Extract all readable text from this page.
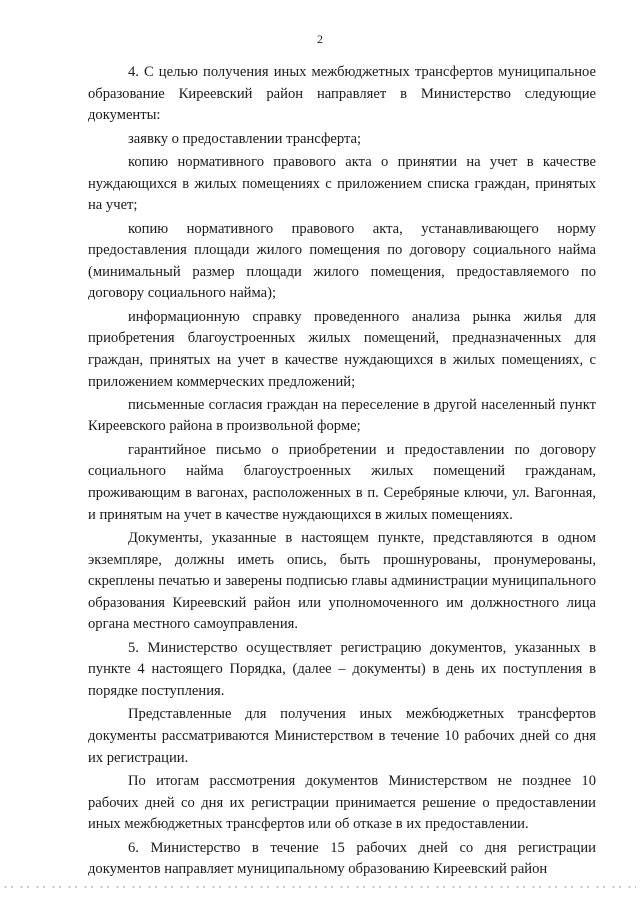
2

4. С целью получения иных межбюджетных трансфертов муниципальное образование Киреевский район направляет в Министерство следующие документы:

заявку о предоставлении трансферта;

копию нормативного правового акта о принятии на учет в качестве нуждающихся в жилых помещениях с приложением списка граждан, принятых на учет;

копию нормативного правового акта, устанавливающего норму предоставления площади жилого помещения по договору социального найма (минимальный размер площади жилого помещения, предоставляемого по договору социального найма);

информационную справку проведенного анализа рынка жилья для приобретения благоустроенных жилых помещений, предназначенных для граждан, принятых на учет в качестве нуждающихся в жилых помещениях, с приложением коммерческих предложений;

письменные согласия граждан на переселение в другой населенный пункт Киреевского района в произвольной форме;

гарантийное письмо о приобретении и предоставлении по договору социального найма благоустроенных жилых помещений гражданам, проживающим в вагонах, расположенных в п. Серебряные ключи, ул. Вагонная, и принятым на учет в качестве нуждающихся в жилых помещениях.

Документы, указанные в настоящем пункте, представляются в одном экземпляре, должны иметь опись, быть прошнурованы, пронумерованы, скреплены печатью и заверены подписью главы администрации муниципального образования Киреевский район или уполномоченного им должностного лица органа местного самоуправления.

5. Министерство осуществляет регистрацию документов, указанных в пункте 4 настоящего Порядка, (далее – документы) в день их поступления в порядке поступления.

Представленные для получения иных межбюджетных трансфертов документы рассматриваются Министерством в течение 10 рабочих дней со дня их регистрации.

По итогам рассмотрения документов Министерством не позднее 10 рабочих дней со дня их регистрации принимается решение о предоставлении иных межбюджетных трансфертов или об отказе в их предоставлении.

6. Министерство в течение 15 рабочих дней со дня регистрации документов направляет муниципальному образованию Киреевский район
